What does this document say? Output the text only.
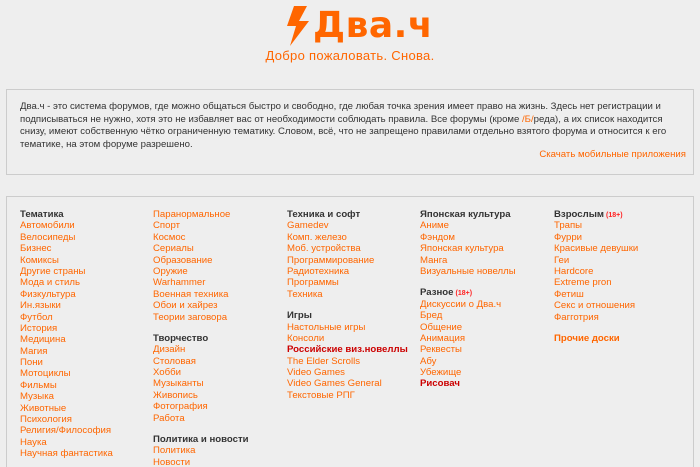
Два.ч
Добро пожаловать. Снова.

Два.ч - это система форумов, где можно общаться быстро и свободно, где любая точка зрения имеет право на жизнь. Здесь нет регистрации и подписываться не нужно, хотя это не избавляет вас от необходимости соблюдать правила. Все форумы (кроме /Б/реда), а их список находится снизу, имеют собственную чётко ограниченную тематику. Словом, всё, что не запрещено правилами отдельно взятого форума и относится к его тематике, на этом форуме разрешено.

Скачать мобильные приложения
Тематика
Автомобили
Велосипеды
Бизнес
Комиксы
Другие страны
Мода и стиль
Физкультура
Ин.языки
Футбол
История
Медицина
Магия
Пони
Мотоциклы
Фильмы
Музыка
Животные
Психология
Религия/Философия
Наука
Научная фантастика
Паранормальное
Спорт
Космос
Сериалы
Образование
Оружие
Warhammer
Военная техника
Обои и хайрез
Теории заговора
Творчество
Дизайн
Столовая
Хобби
Музыканты
Живопись
Фотография
Работа
Политика и новости
Политика
Новости
Техника и софт
Gamedev
Комп. железо
Моб. устройства
Программирование
Радиотехника
Программы
Техника
Игры
Настольные игры
Консоли
Российские виз.новеллы
The Elder Scrolls
Video Games
Video Games General
Текстовые РПГ
Японская культура
Аниме
Фэндом
Японская культура
Манга
Визуальные новеллы
Разное (18+)
Дискуссии о Два.ч
Бред
Общение
Анимация
Реквесты
Абу
Убежище
Рисовач
Взрослым (18+)
Трапы
Фурри
Красивые девушки
Геи
Hardcore
Extreme pron
Фетиш
Секс и отношения
Фагготрия
Прочие доски
